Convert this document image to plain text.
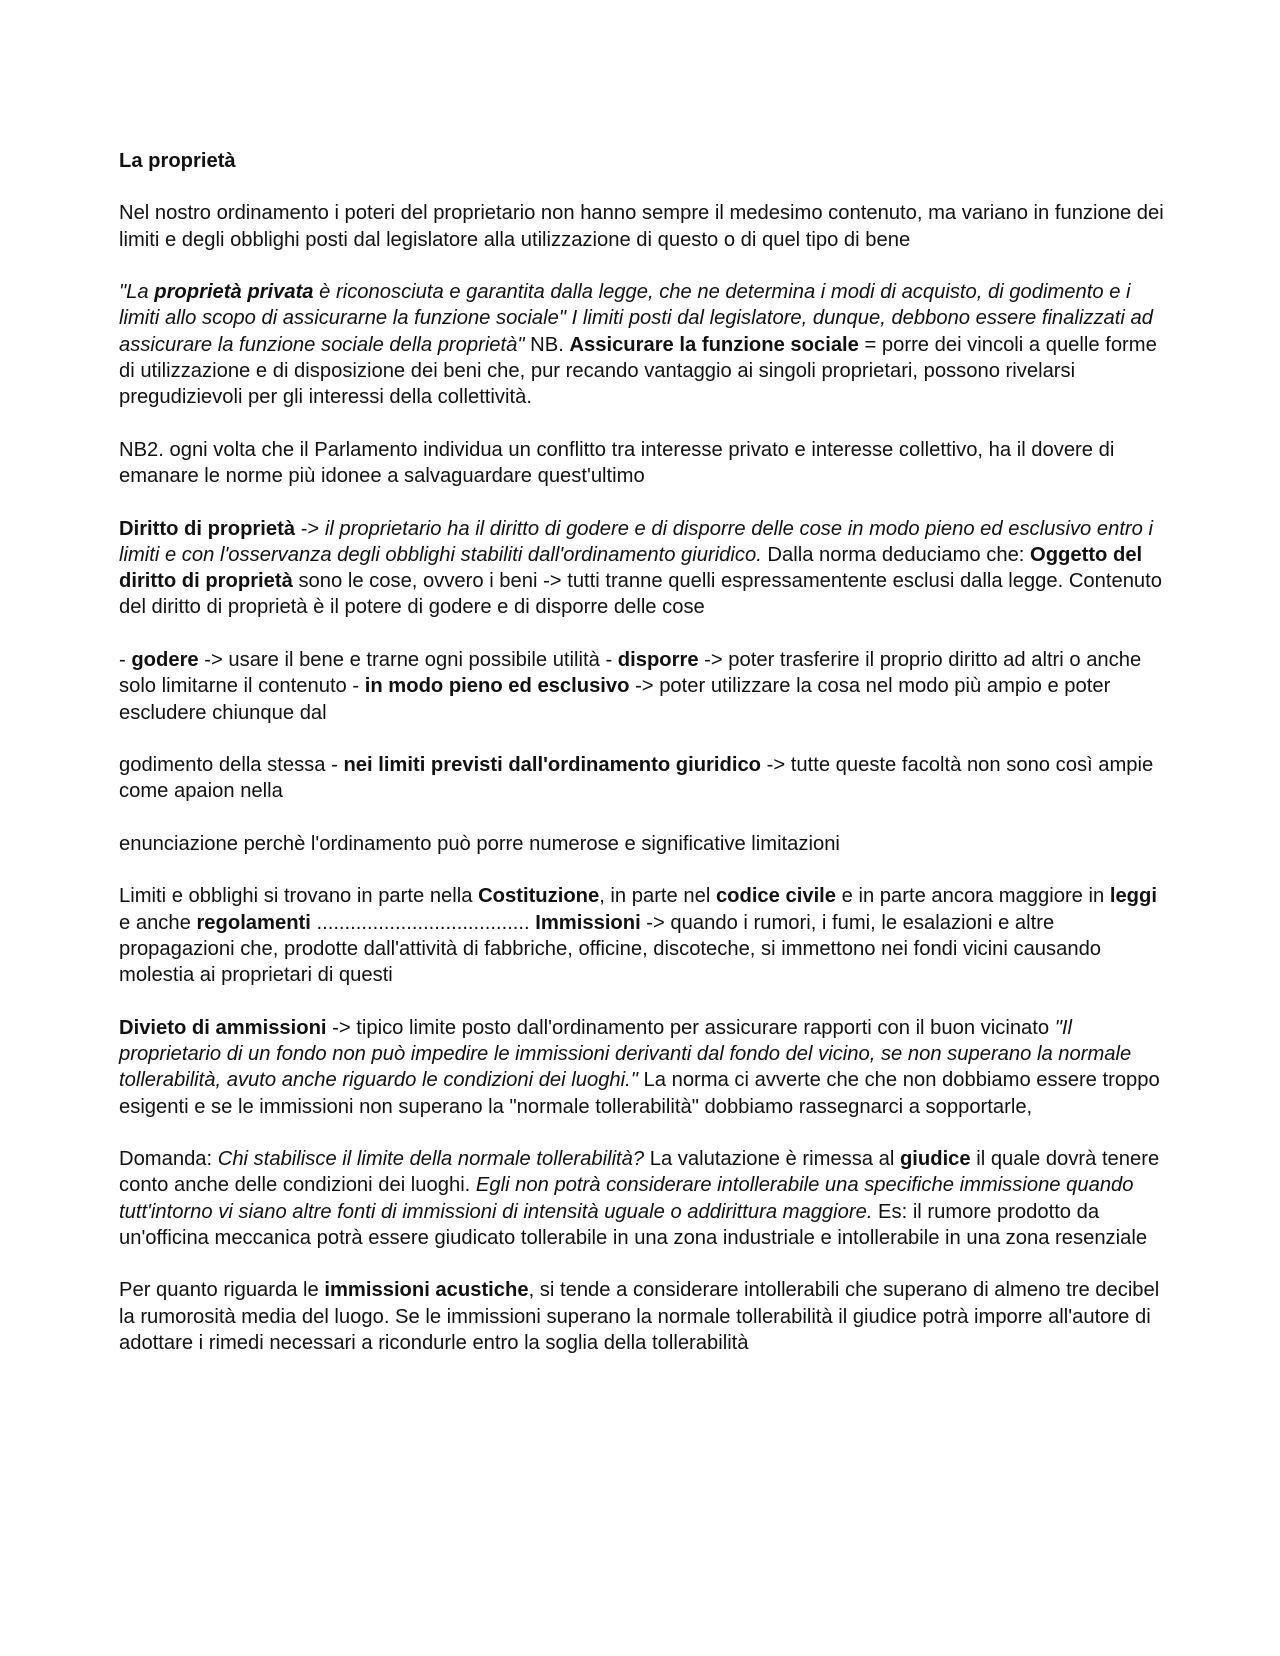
La proprietà

Nel nostro ordinamento i poteri del proprietario non hanno sempre il medesimo contenuto, ma variano in funzione dei limiti e degli obblighi posti dal legislatore alla utilizzazione di questo o di quel tipo di bene

"La proprietà privata è riconosciuta e garantita dalla legge, che ne determina i modi di acquisto, di godimento e i limiti allo scopo di assicurarne la funzione sociale" I limiti posti dal legislatore, dunque, debbono essere finalizzati ad assicurare la funzione sociale della proprietà" NB. Assicurare la funzione sociale = porre dei vincoli a quelle forme di utilizzazione e di disposizione dei beni che, pur recando vantaggio ai singoli proprietari, possono rivelarsi pregudizievoli per gli interessi della collettività.

NB2. ogni volta che il Parlamento individua un conflitto tra interesse privato e interesse collettivo, ha il dovere di emanare le norme più idonee a salvaguardare quest'ultimo

Diritto di proprietà -> il proprietario ha il diritto di godere e di disporre delle cose in modo pieno ed esclusivo entro i limiti e con l'osservanza degli obblighi stabiliti dall'ordinamento giuridico. Dalla norma deduciamo che: Oggetto del diritto di proprietà sono le cose, ovvero i beni -> tutti tranne quelli espressamentente esclusi dalla legge. Contenuto del diritto di proprietà è il potere di godere e di disporre delle cose

- godere -> usare il bene e trarne ogni possibile utilità - disporre -> poter trasferire il proprio diritto ad altri o anche solo limitarne il contenuto - in modo pieno ed esclusivo -> poter utilizzare la cosa nel modo più ampio e poter escludere chiunque dal

godimento della stessa - nei limiti previsti dall'ordinamento giuridico -> tutte queste facoltà non sono così ampie come apaion nella

enunciazione perchè l'ordinamento può porre numerose e significative limitazioni

Limiti e obblighi si trovano in parte nella Costituzione, in parte nel codice civile e in parte ancora maggiore in leggi e anche regolamenti ...................................... Immissioni -> quando i rumori, i fumi, le esalazioni e altre propagazioni che, prodotte dall'attività di fabbriche, officine, discoteche, si immettono nei fondi vicini causando molestia ai proprietari di questi

Divieto di ammissioni -> tipico limite posto dall'ordinamento per assicurare rapporti con il buon vicinato "Il proprietario di un fondo non può impedire le immissioni derivanti dal fondo del vicino, se non superano la normale tollerabilità, avuto anche riguardo le condizioni dei luoghi." La norma ci avverte che che non dobbiamo essere troppo esigenti e se le immissioni non superano la "normale tollerabilità" dobbiamo rassegnarci a sopportarle,

Domanda: Chi stabilisce il limite della normale tollerabilità? La valutazione è rimessa al giudice il quale dovrà tenere conto anche delle condizioni dei luoghi. Egli non potrà considerare intollerabile una specifiche immissione quando tutt'intorno vi siano altre fonti di immissioni di intensità uguale o addirittura maggiore. Es: il rumore prodotto da un'officina meccanica potrà essere giudicato tollerabile in una zona industriale e intollerabile in una zona resenziale

Per quanto riguarda le immissioni acustiche, si tende a considerare intollerabili che superano di almeno tre decibel la rumorosità media del luogo. Se le immissioni superano la normale tollerabilità il giudice potrà imporre all'autore di adottare i rimedi necessari a ricondurle entro la soglia della tollerabilità
